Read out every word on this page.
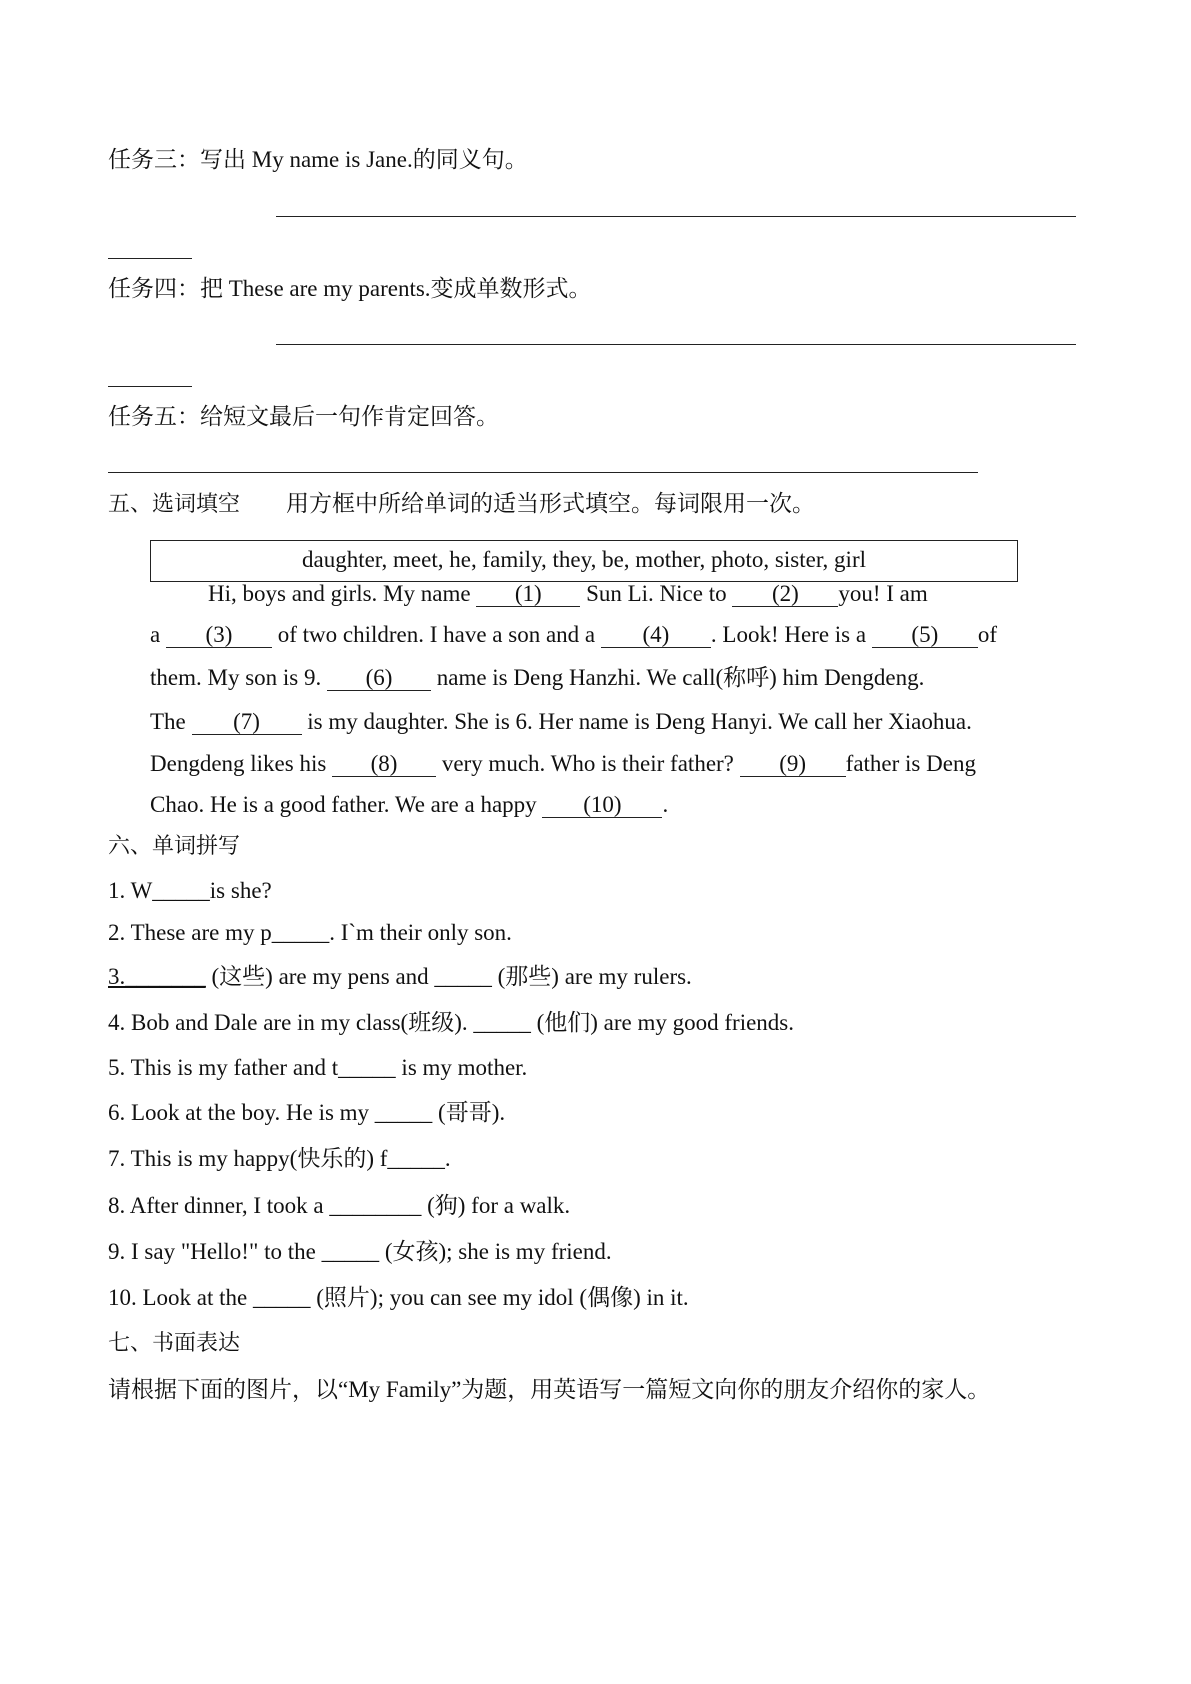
任务三：写出 My name is Jane.的同义句。
任务四：把 These are my parents.变成单数形式。
任务五：给短文最后一句作肯定回答。
五、选词填空 用方框中所给单词的适当形式填空。每词限用一次。
daughter, meet, he, family, they, be, mother, photo, sister, girl
Hi, boys and girls. My name (1) Sun Li. Nice to (2) you! I am
a (3) of two children. I have a son and a (4) . Look! Here is a (5) of
them. My son is 9. (6) name is Deng Hanzhi. We call(称呼) him Dengdeng.
The (7) is my daughter. She is 6. Her name is Deng Hanyi. We call her Xiaohua.
Dengdeng likes his (8) very much. Who is their father? (9) father is Deng
Chao. He is a good father. We are a happy (10) .
六、单词拼写
1. W_____is she?
2. These are my p_____. I`m their only son.
3._______ (这些) are my pens and _____ (那些) are my rulers.
4. Bob and Dale are in my class(班级). _____ (他们) are my good friends.
5. This is my father and t_____ is my mother.
6. Look at the boy. He is my _____ (哥哥).
7. This is my happy(快乐的) f_____.
8. After dinner, I took a ________ (狗) for a walk.
9. I say "Hello!" to the _____ (女孩); she is my friend.
10. Look at the _____ (照片); you can see my idol (偶像) in it.
七、书面表达
请根据下面的图片，以“My Family”为题，用英语写一篇短文向你的朋友介绍你的家人。
